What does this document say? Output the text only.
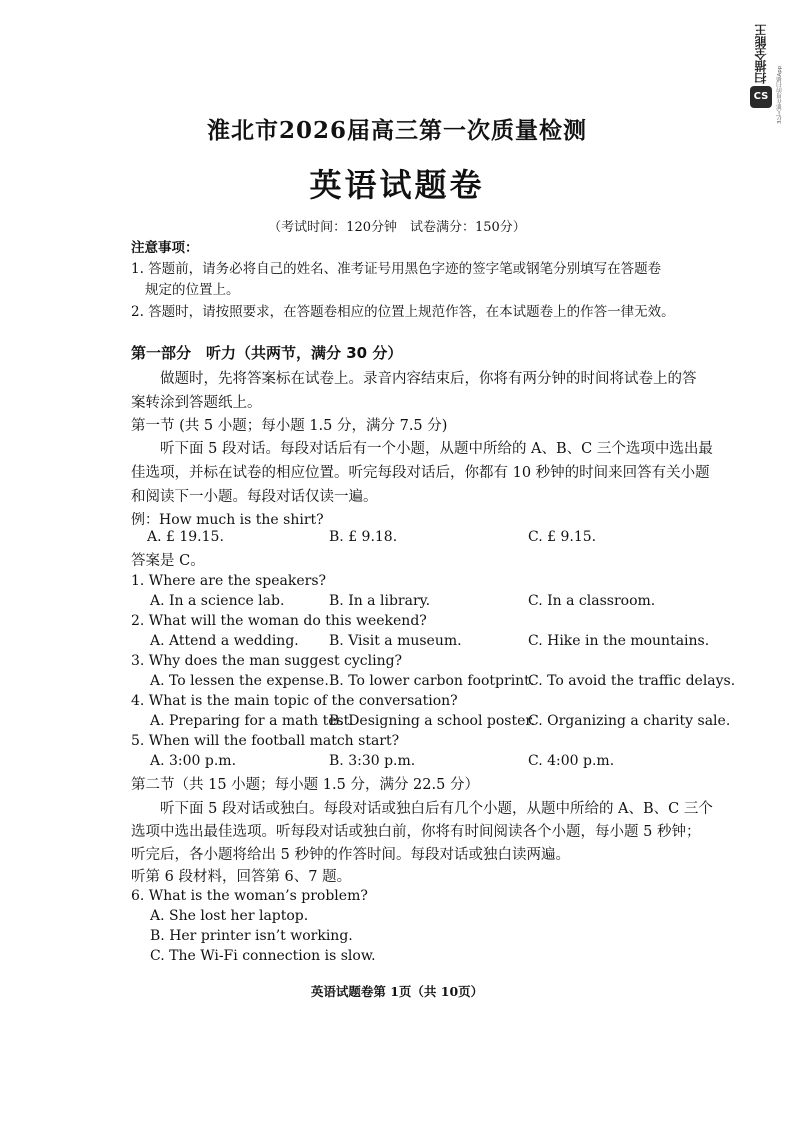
扫描全能王
CS	3亿人都在用的扫描App
淮北市2026届高三第一次质量检测
英语试题卷
（考试时间：120分钟　试卷满分：150分）
注意事项：
1. 答题前，请务必将自己的姓名、准考证号用黑色字迹的签字笔或钢笔分别填写在答题卷
规定的位置上。
2. 答题时，请按照要求，在答题卷相应的位置上规范作答，在本试题卷上的作答一律无效。
第一部分　听力（共两节，满分 30 分）
做题时，先将答案标在试卷上。录音内容结束后，你将有两分钟的时间将试卷上的答
案转涂到答题纸上。
第一节 (共 5 小题；每小题 1.5 分，满分 7.5 分)
听下面 5 段对话。每段对话后有一个小题，从题中所给的 A、B、C 三个选项中选出最
佳选项，并标在试卷的相应位置。听完每段对话后，你都有 10 秒钟的时间来回答有关小题
和阅读下一小题。每段对话仅读一遍。
例：How much is the shirt?
A. £ 19.15.	B. £ 9.18.	C. £ 9.15.
答案是 C。
1. Where are the speakers?
A. In a science lab.	B. In a library.	C. In a classroom.
2. What will the woman do this weekend?
A. Attend a wedding. B. Visit a museum.	C. Hike in the mountains.
3. Why does the man suggest cycling?
A. To lessen the expense. B. To lower carbon footprint.
C. To avoid the traffic delays.
4. What is the main topic of the conversation?
A. Preparing for a math test.
B. Designing a school poster.
C. Organizing a charity sale.
5. When will the football match start?
A. 3:00 p.m.	B. 3:30 p.m.	C. 4:00 p.m.
第二节（共 15 小题；每小题 1.5 分，满分 22.5 分）
听下面 5 段对话或独白。每段对话或独白后有几个小题，从题中所给的 A、B、C 三个
选项中选出最佳选项。听每段对话或独白前，你将有时间阅读各个小题，每小题 5 秒钟；
听完后，各小题将给出 5 秒钟的作答时间。每段对话或独白读两遍。
听第 6 段材料，回答第 6、7 题。
6. What is the woman’s problem?
A. She lost her laptop.
B. Her printer isn’t working.
C. The Wi-Fi connection is slow.
英语试题卷第 1页（共 10页）
